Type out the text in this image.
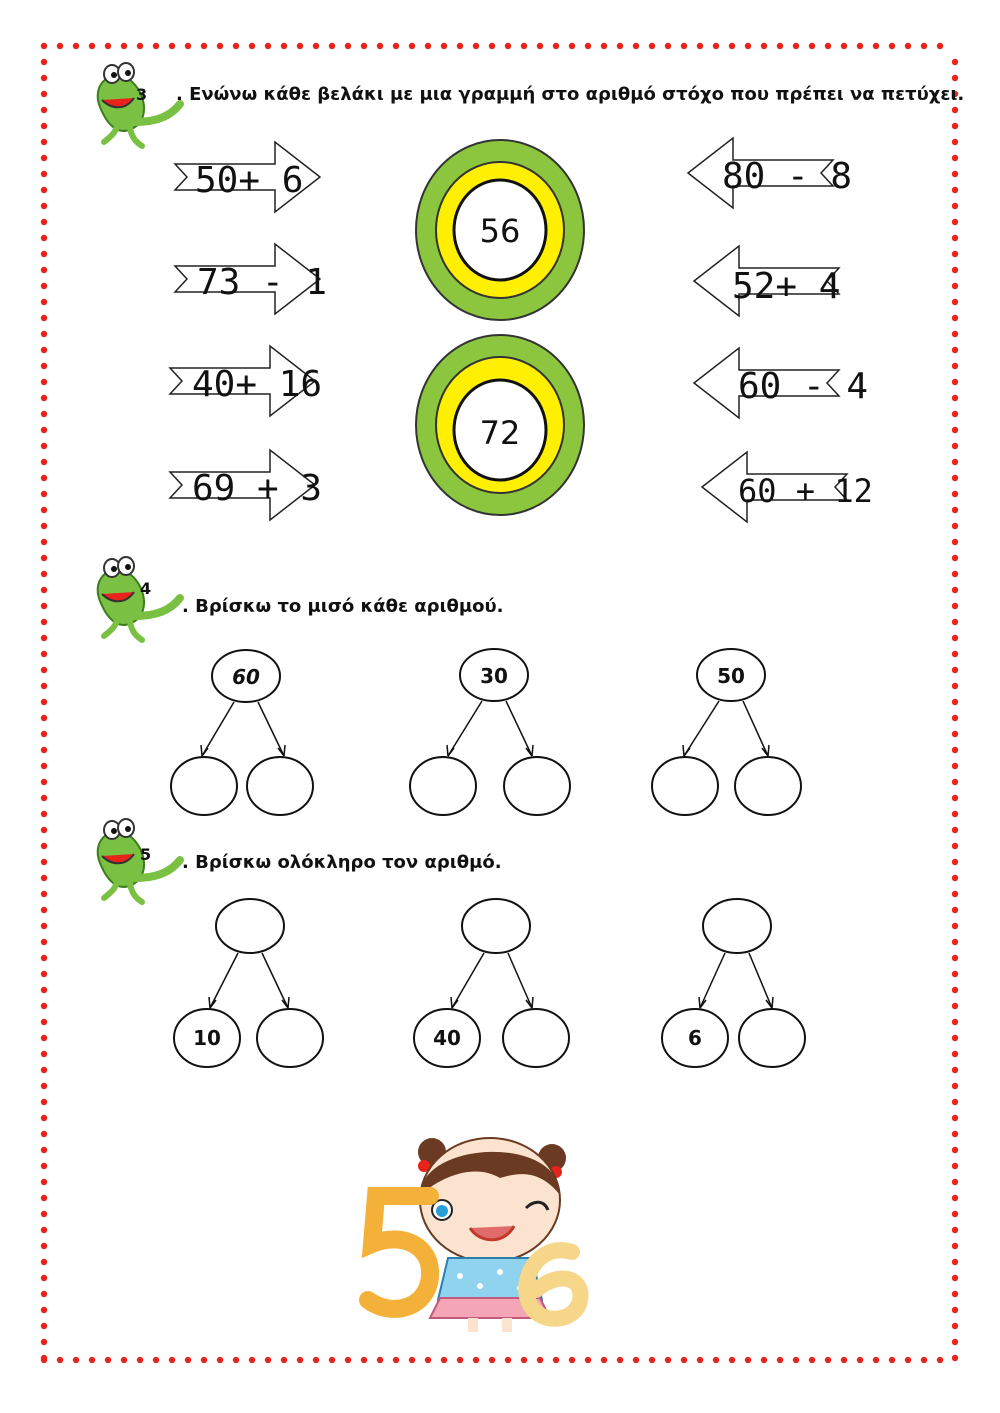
3 . Ενώνω κάθε βελάκι με μια γραμμή στο αριθμό στόχο που πρέπει να πετύχει.
50+ 6
73 - 1
40+ 16
69 + 3
80 - 8
52+ 4
60 - 4
60 + 12
56
72
4
. Βρίσκω το μισό κάθε αριθμού.
60	30	50
5 . Βρίσκω ολόκληρο τον αριθμό.
10	40	6
